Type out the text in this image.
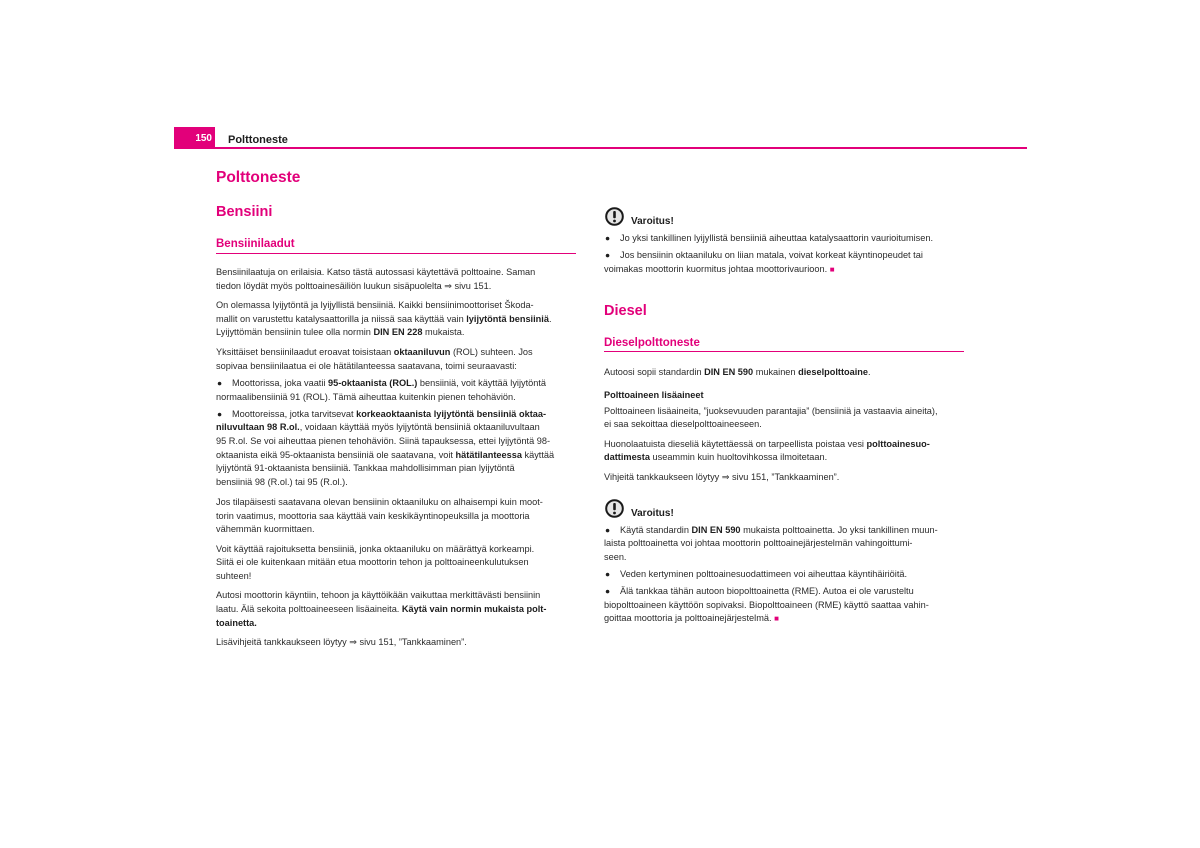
150 Polttoneste
Polttoneste
Bensiini
Bensiinilaadut
Bensiinilaatuja on erilaisia. Katso tästä autossasi käytettävä polttoaine. Saman
tiedon löydät myös polttoainesäiliön luukun sisäpuolelta ⇒ sivu 151.
On olemassa lyijytöntä ja lyijyllistä bensiiniä. Kaikki bensiinimoottoriset Škoda-
mallit on varustettu katalysaattorilla ja niissä saa käyttää vain lyijytöntä bensiiniä.
Lyijyttömän bensiinin tulee olla normin DIN EN 228 mukaista.
Yksittäiset bensiinilaadut eroavat toisistaan oktaaniluvun (ROL) suhteen. Jos
sopivaa bensiinilaatua ei ole hätätilanteessa saatavana, toimi seuraavasti:
● Moottorissa, joka vaatii 95-oktaanista (ROL.) bensiiniä, voit käyttää lyijytöntä
normaalibensiiniä 91 (ROL). Tämä aiheuttaa kuitenkin pienen tehohäviön.
● Moottoreissa, jotka tarvitsevat korkeaoktaanista lyijytöntä bensiiniä oktaa-
niluvultaan 98 R.ol., voidaan käyttää myös lyijytöntä bensiiniä oktaaniluvultaan
95 R.ol. Se voi aiheuttaa pienen tehohäviön. Siinä tapauksessa, ettei lyijytöntä 98-
oktaanista eikä 95-oktaanista bensiiniä ole saatavana, voit hätätilanteessa käyttää
lyijytöntä 91-oktaanista bensiiniä. Tankkaa mahdollisimman pian lyijytöntä
bensiiniä 98 (R.ol.) tai 95 (R.ol.).
Jos tilapäisesti saatavana olevan bensiinin oktaaniluku on alhaisempi kuin moot-
torin vaatimus, moottoria saa käyttää vain keskikäyntinopeuksilla ja moottoria
vähemmän kuormittaen.
Voit käyttää rajoituksetta bensiiniä, jonka oktaaniluku on määrättyä korkeampi.
Siitä ei ole kuitenkaan mitään etua moottorin tehon ja polttoaineenkulutuksen
suhteen!
Autosi moottorin käyntiin, tehoon ja käyttöikään vaikuttaa merkittävästi bensiinin
laatu. Älä sekoita polttoaineeseen lisäaineita. Käytä vain normin mukaista polt-
toainetta.
Lisävihjeitä tankkaukseen löytyy ⇒ sivu 151, ”Tankkaaminen”.
Varoitus!
● Jo yksi tankillinen lyijyllistä bensiiniä aiheuttaa katalysaattorin vaurioitumisen.
● Jos bensiinin oktaaniluku on liian matala, voivat korkeat käyntinopeudet tai
voimakas moottorin kuormitus johtaa moottorivaurioon. ■
Diesel
Dieselpolttoneste
Autoosi sopii standardin DIN EN 590 mukainen dieselpolttoaine.
Polttoaineen lisäaineet
Polttoaineen lisäaineita, ”juoksevuuden parantajia” (bensiiniä ja vastaavia aineita),
ei saa sekoittaa dieselpolttoaineeseen.
Huonolaatuista dieseliä käytettäessä on tarpeellista poistaa vesi polttoainesuo-
dattimesta useammin kuin huoltovihkossa ilmoitetaan.
Vihjeitä tankkaukseen löytyy ⇒ sivu 151, ”Tankkaaminen”.
Varoitus!
● Käytä standardin DIN EN 590 mukaista polttoainetta. Jo yksi tankillinen muun-
laista polttoainetta voi johtaa moottorin polttoainejärjestelmän vahingoittumi-
seen.
● Veden kertyminen polttoainesuodattimeen voi aiheuttaa käyntihäiriöitä.
● Älä tankkaa tähän autoon biopolttoainetta (RME). Autoa ei ole varusteltu
biopolttoaineen käyttöön sopivaksi. Biopolttoaineen (RME) käyttö saattaa vahin-
goittaa moottoria ja polttoainejärjestelmä. ■
